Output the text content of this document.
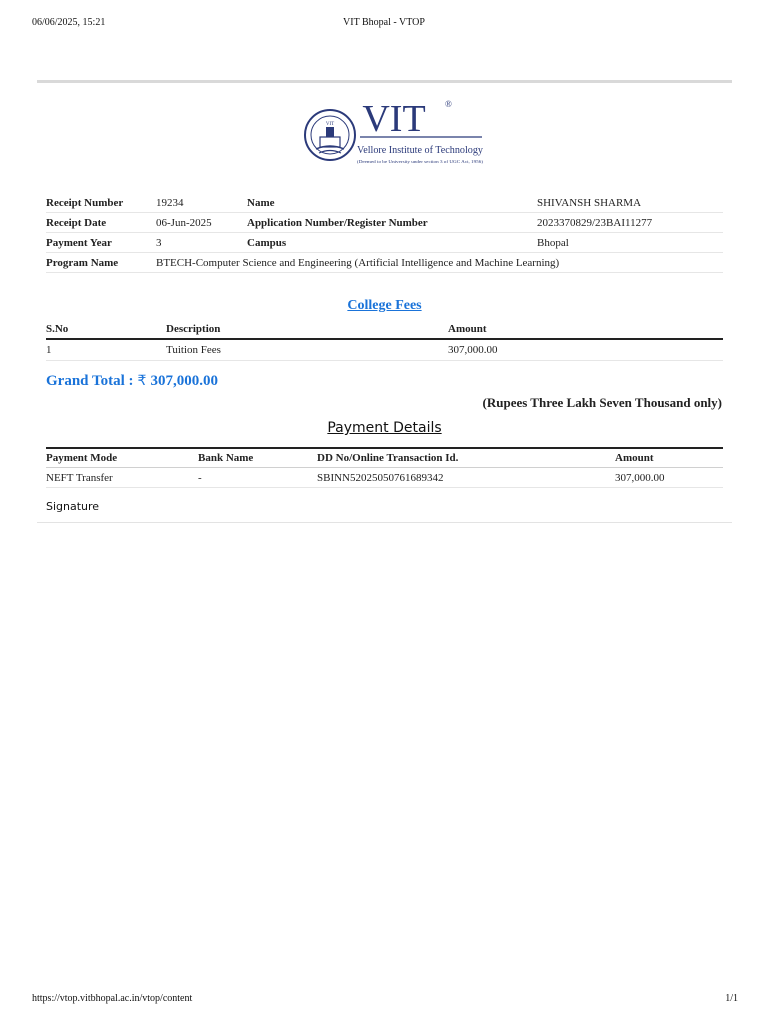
06/06/2025, 15:21	VIT Bhopal - VTOP
VIT VIT ®
Vellore Institute of Technology
(Deemed to be University under section 3 of UGC Act, 1956)
Receipt Number	19234	Name	SHIVANSH SHARMA
Receipt Date	06-Jun-2025	Application Number/Register Number	2023370829/23BAI11277
Payment Year	3	Campus	Bhopal
Program Name	BTECH-Computer Science and Engineering (Artificial Intelligence and Machine Learning)		
College Fees
S.No	Description	Amount
1	Tuition Fees	307,000.00
Grand Total : ₹ 307,000.00
(Rupees Three Lakh Seven Thousand only)
Payment Details
Payment Mode	Bank Name	DD No/Online Transaction Id.	Amount
NEFT Transfer	-	SBINN52025050761689342	307,000.00
Signature
https://vtop.vitbhopal.ac.in/vtop/content	1/1
